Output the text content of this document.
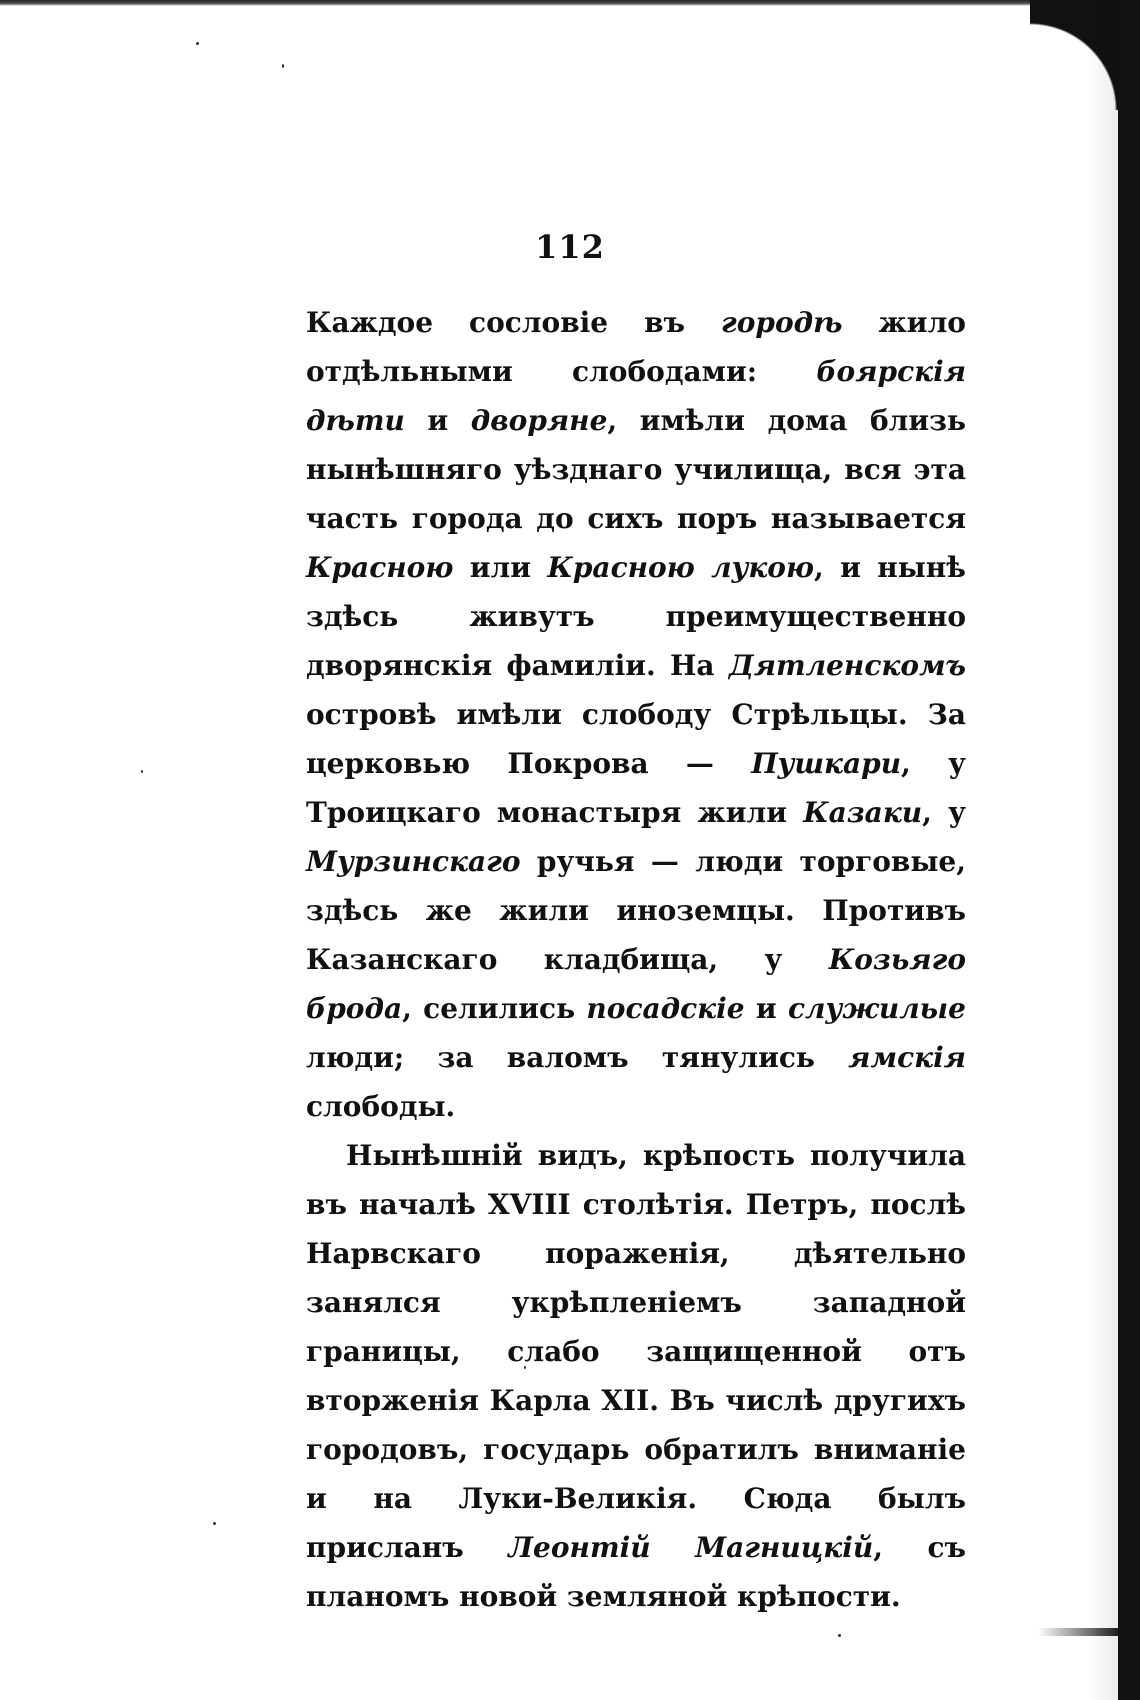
112

Каждое сословіе въ городѣ жило отдѣльными слободами: боярскія дѣти и дворяне, имѣли дома близь нынѣшняго уѣзднаго училища, вся эта часть города до сихъ поръ называется Красною или Красною лукою, и нынѣ здѣсь живутъ преимущественно дворянскія фамиліи. На Дятленскомъ островѣ имѣли слободу Стрѣльцы. За церковью Покрова — Пушкари, у Троицкаго монастыря жили Казаки, у Мурзинскаго ручья — люди торговые, здѣсь же жили иноземцы. Противъ Казанскаго кладбища, у Козьяго брода, селились посадскіе и служилые люди; за валомъ тянулись ямскія слободы.

Нынѣшній видъ, крѣпость получила въ началѣ XVIII столѣтія. Петръ, послѣ Нарвскаго пораженія, дѣятельно занялся укрѣпленіемъ западной границы, слабо защищенной отъ вторженія Карла XII. Въ числѣ другихъ городовъ, государь обратилъ вниманіе и на Луки-Великія. Сюда былъ присланъ Леонтій Магницкій, съ планомъ новой земляной крѣпости.
